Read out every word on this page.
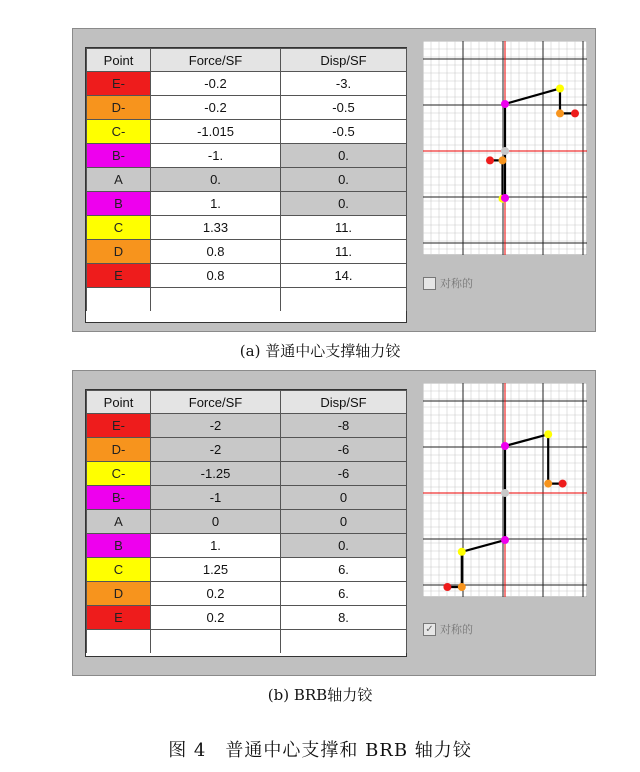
Point	Force/SF	Disp/SF
E-	-0.2	-3.
D-	-0.2	-0.5
C-	-1.015	-0.5
B-	-1.	0.
A	0.	0.
B	1.	0.
C	1.33	11.
D	0.8	11.
E	0.8	14.

对称的
(a) 普通中心支撑轴力铰
Point	Force/SF	Disp/SF
E-	-2	-8
D-	-2	-6
C-	-1.25	-6
B-	-1	0
A	0	0
B	1.	0.
C	1.25	6.
D	0.2	6.
E	0.2	8.

✓ 对称的
(b) BRB轴力铰
图 4　普通中心支撑和 BRB 轴力铰
